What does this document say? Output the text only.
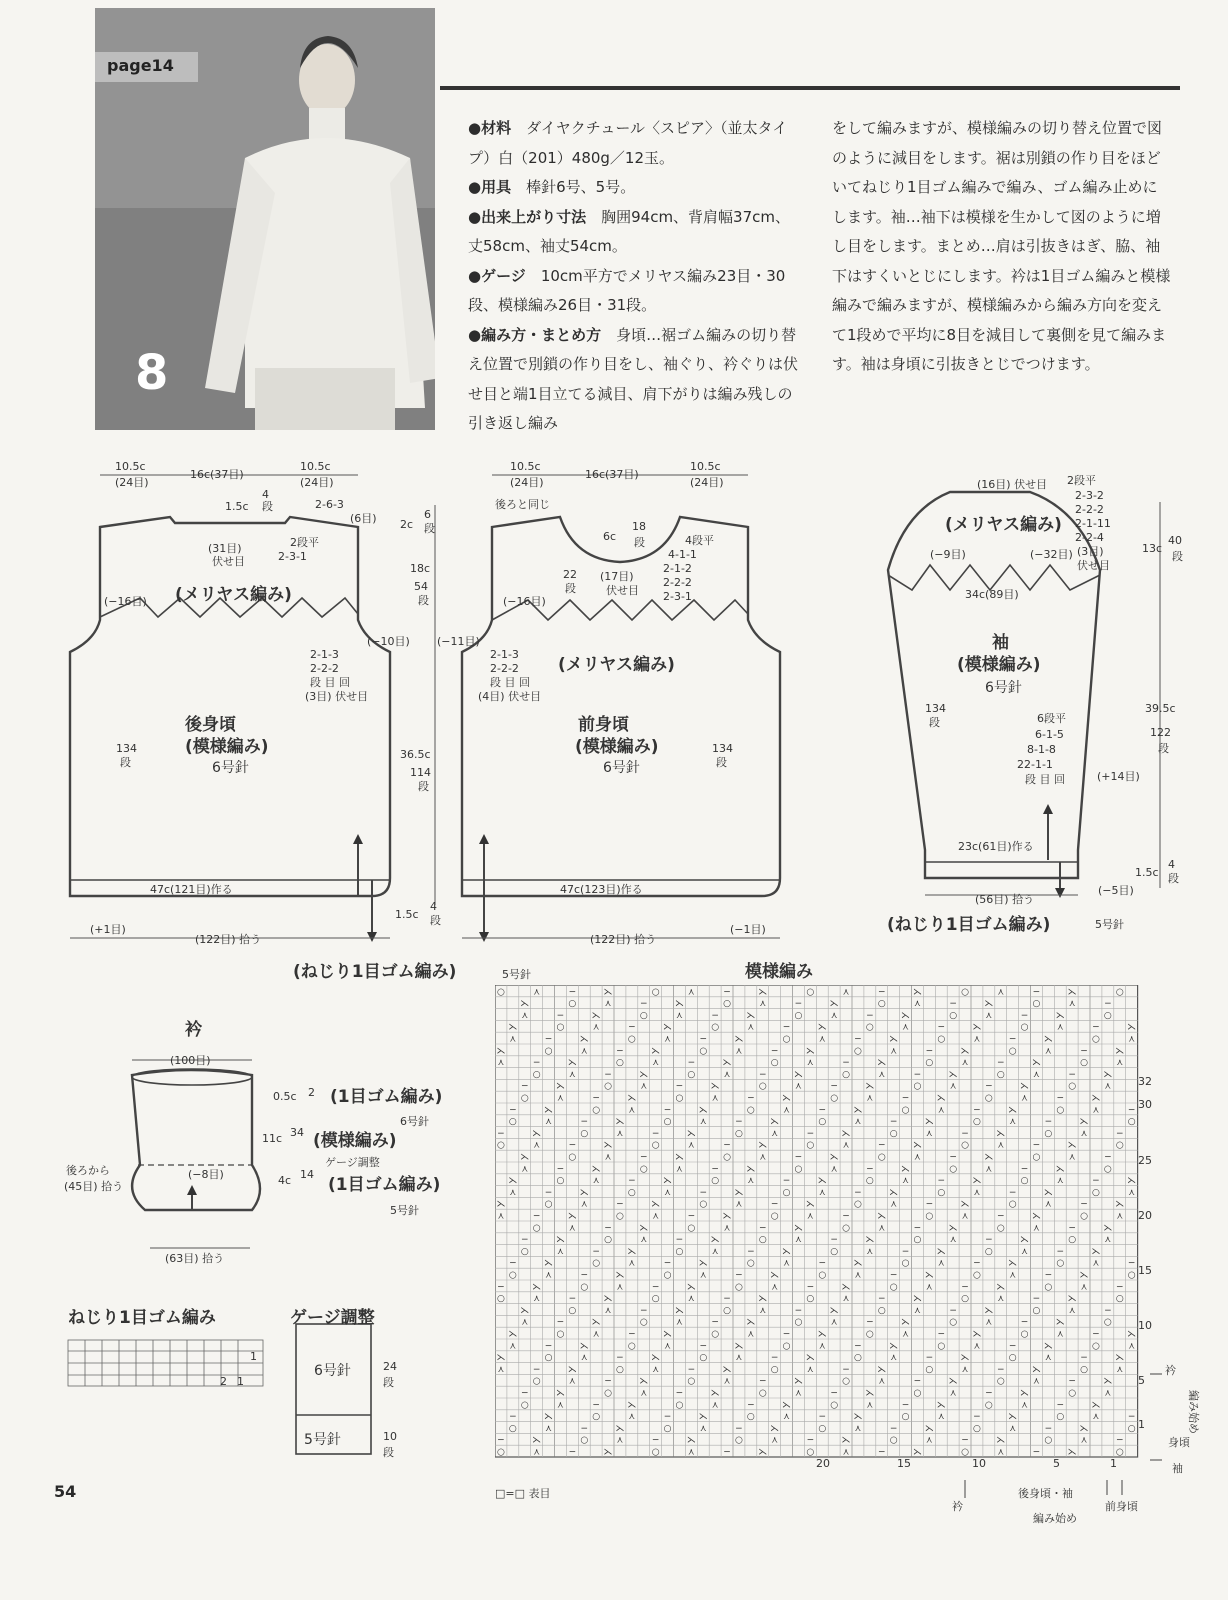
page14
8

●材料　 ダイヤクチュール〈スピア〉（並太タイプ）白（201）480g／12玉。

●用具　 棒針6号、5号。

●出来上がり寸法　 胸囲94cm、背肩幅37cm、丈58cm、袖丈54cm。

●ゲージ　 10cm平方でメリヤス編み23目・30段、模様編み26目・31段。

●編み方・まとめ方　 身頃…裾ゴム編みの切り替え位置で別鎖の作り目をし、袖ぐり、衿ぐりは伏せ目と端1目立てる減目、肩下がりは編み残しの引き返し編み

をして編みますが、模様編みの切り替え位置で図のように減目をします。裾は別鎖の作り目をほどいてねじり1目ゴム編みで編み、ゴム編み止めにします。袖…袖下は模様を生かして図のように増し目をします。まとめ…肩は引抜きはぎ、脇、袖下はすくいとじにします。衿は1目ゴム編みと模様編みで編みますが、模様編みから編み方向を変えて1段めで平均に8目を減目して裏側を見て編みます。袖は身頃に引抜きとじでつけます。

10.5c
(24目)
16c(37目)
10.5c
(24目)
1.5c
4
段	2-6-3
(6目)
2段平
2-3-1
(31目)
伏せ目
(メリヤス編み)
(−16目)
(−10目)
2-1-3
2-2-2
段 目 回
(3目) 伏せ目
後身頃
(模様編み)
6号針
134
段
2c
6
段
18c
54
段
36.5c
114
段
1.5c
4
段
47c(121目)作る
(+1目)
(122目) 拾う
(ねじり1目ゴム編み)	5号針
10.5c
(24目)
16c(37目)
10.5c
(24目)
後ろと同じ
6c
18
段
22
段
(17目)
伏せ目
4段平
4-1-1
2-1-2
2-2-2
2-3-1
(−11目)
(−16目)
(メリヤス編み)
2-1-3
2-2-2
段 目 回
(4目) 伏せ目
前身頃
(模様編み)
6号針
134
段
47c(123目)作る
(−1目)
(122目) 拾う
(16目) 伏せ目 2段平
2-3-2
2-2-2
2-1-11
2-2-4
(3目)
伏せ目
(メリヤス編み)
(−9目)	(−32目)
34c(89目)
13c
40
段
39.5c
122
段
1.5c
4
段
袖
(模様編み)
6号針
6段平
6-1-5
8-1-8
22-1-1
段 目 回	(+14目)
134
段
23c(61目)作る
(56目) 拾う
(−5目)
(ねじり1目ゴム編み)	5号針
衿
(100目)
0.5c 2 (1目ゴム編み)
6号針
11c 34 (模様編み)
ゲージ調整
4c 14
(1目ゴム編み)
5号針
後ろから
(45目) 拾う
(−8目)
(63目) 拾う
ねじり1目ゴム編み
1
2 1
ゲージ調整
6号針	24
段
5号針	10
段
模様編み
32
30
25
20
15
10
5
1
20	15	10	5	1
衿
身頃
袖
編み始め
□=□ 表目
衿
後身頃・袖
前身頃
編み始め
○	⋏	−	⋋	○	⋏	−	⋋	○	⋏	−	⋋	○	⋏	−	⋋	○
⋋	○	⋏	−	⋋	○	⋏	−	⋋	○	⋏	−	⋋	○	⋏	−
⋏	−	⋋	○	⋏	−	⋋	○	⋏	−	⋋	○	⋏	−	⋋	○
⋋	○	⋏	−	⋋	○	⋏	−	⋋	○	⋏	−	⋋	○	⋏	−	⋋
⋏	−	⋋	○	⋏	−	⋋	○	⋏	−	⋋	○	⋏	−	⋋	○	⋏
⋋	○	⋏	−	⋋	○	⋏	−	⋋	○	⋏	−	⋋	○	⋏	−	⋋
⋏	−	⋋	○	⋏	−	⋋	○	⋏	−	⋋	○	⋏	−	⋋	○	⋏
○	⋏	−	⋋	○	⋏	−	⋋	○	⋏	−	⋋	○	⋏	−	⋋
−	⋋	○	⋏	−	⋋	○	⋏	−	⋋	○	⋏	−	⋋	○	⋏
○	⋏	−	⋋	○	⋏	−	⋋	○	⋏	−	⋋	○	⋏	−	⋋
−	⋋	○	⋏	−	⋋	○	⋏	−	⋋	○	⋏	−	⋋	○	⋏	−
○	⋏	−	⋋	○	⋏	−	⋋	○	⋏	−	⋋	○	⋏	−	⋋	○
−	⋋	○	⋏	−	⋋	○	⋏	−	⋋	○	⋏	−	⋋	○	⋏	−
○	⋏	−	⋋	○	⋏	−	⋋	○	⋏	−	⋋	○	⋏	−	⋋	○
⋋	○	⋏	−	⋋	○	⋏	−	⋋	○	⋏	−	⋋	○	⋏	−
⋏	−	⋋	○	⋏	−	⋋	○	⋏	−	⋋	○	⋏	−	⋋	○
⋋	○	⋏	−	⋋	○	⋏	−	⋋	○	⋏	−	⋋	○	⋏	−	⋋
⋏	−	⋋	○	⋏	−	⋋	○	⋏	−	⋋	○	⋏	−	⋋	○	⋏
⋋	○	⋏	−	⋋	○	⋏	−	⋋	○	⋏	−	⋋	○	⋏	−	⋋
⋏	−	⋋	○	⋏	−	⋋	○	⋏	−	⋋	○	⋏	−	⋋	○	⋏
○	⋏	−	⋋	○	⋏	−	⋋	○	⋏	−	⋋	○	⋏	−	⋋
−	⋋	○	⋏	−	⋋	○	⋏	−	⋋	○	⋏	−	⋋	○	⋏
○	⋏	−	⋋	○	⋏	−	⋋	○	⋏	−	⋋	○	⋏	−	⋋
−	⋋	○	⋏	−	⋋	○	⋏	−	⋋	○	⋏	−	⋋	○	⋏	−
○	⋏	−	⋋	○	⋏	−	⋋	○	⋏	−	⋋	○	⋏	−	⋋	○
−	⋋	○	⋏	−	⋋	○	⋏	−	⋋	○	⋏	−	⋋	○	⋏	−
○	⋏	−	⋋	○	⋏	−	⋋	○	⋏	−	⋋	○	⋏	−	⋋	○
⋋	○	⋏	−	⋋	○	⋏	−	⋋	○	⋏	−	⋋	○	⋏	−
⋏	−	⋋	○	⋏	−	⋋	○	⋏	−	⋋	○	⋏	−	⋋	○
⋋	○	⋏	−	⋋	○	⋏	−	⋋	○	⋏	−	⋋	○	⋏	−	⋋
⋏	−	⋋	○	⋏	−	⋋	○	⋏	−	⋋	○	⋏	−	⋋	○	⋏
⋋	○	⋏	−	⋋	○	⋏	−	⋋	○	⋏	−	⋋	○	⋏	−	⋋
⋏	−	⋋	○	⋏	−	⋋	○	⋏	−	⋋	○	⋏	−	⋋	○	⋏
○	⋏	−	⋋	○	⋏	−	⋋	○	⋏	−	⋋	○	⋏	−	⋋
−	⋋	○	⋏	−	⋋	○	⋏	−	⋋	○	⋏	−	⋋	○	⋏
○	⋏	−	⋋	○	⋏	−	⋋	○	⋏	−	⋋	○	⋏	−	⋋
−	⋋	○	⋏	−	⋋	○	⋏	−	⋋	○	⋏	−	⋋	○	⋏	−
○	⋏	−	⋋	○	⋏	−	⋋	○	⋏	−	⋋	○	⋏	−	⋋	○
−	⋋	○	⋏	−	⋋	○	⋏	−	⋋	○	⋏	−	⋋	○	⋏	−
○	⋏	−	⋋	○	⋏	−	⋋	○	⋏	−	⋋	○	⋏	−	⋋	○
54
